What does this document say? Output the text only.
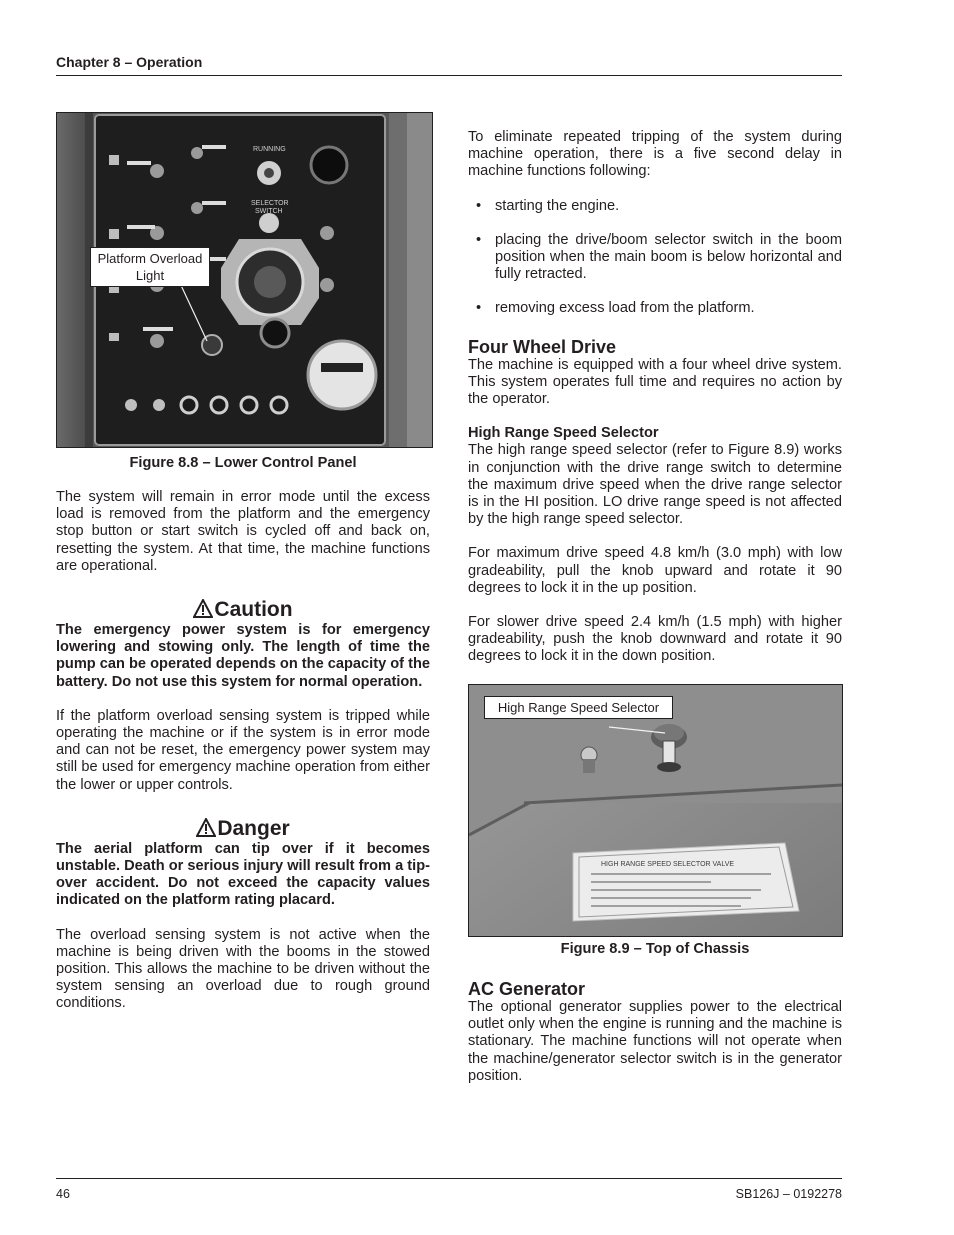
Chapter 8 – Operation
RUNNING
SELECTOR
SWITCH
Platform Overload
Light
Figure 8.8 – Lower Control Panel

The system will remain in error mode until the excess load is removed from the platform and the emergency stop button or start switch is cycled off and back on, resetting the system. At that time, the machine functions are operational.

Caution

The emergency power system is for emergency lowering and stowing only. The length of time the pump can be operated depends on the capacity of the battery. Do not use this system for normal operation.

If the platform overload sensing system is tripped while operating the machine or if the system is in error mode and can not be reset, the emergency power system may still be used for emergency machine operation from either the lower or upper controls.

Danger

The aerial platform can tip over if it becomes unstable. Death or serious injury will result from a tip-over accident. Do not exceed the capacity values indicated on the platform rating placard.

The overload sensing system is not active when the machine is being driven with the booms in the stowed position. This allows the machine to be driven without the system sensing an overload due to rough ground conditions.

To eliminate repeated tripping of the system during machine operation, there is a five second delay in machine functions following:

• starting the engine.
• placing the drive/boom selector switch in the boom position when the main boom is below horizontal and fully retracted.
• removing excess load from the platform.
Four Wheel Drive

The machine is equipped with a four wheel drive system. This system operates full time and requires no action by the operator.

High Range Speed Selector

The high range speed selector (refer to Figure 8.9) works in conjunction with the drive range switch to determine the maximum drive speed when the drive range selector is in the HI position. LO drive range speed is not affected by the high range speed selector.

For maximum drive speed 4.8 km/h (3.0 mph) with low gradeability, pull the knob upward and rotate it 90 degrees to lock it in the up position.

For slower drive speed 2.4 km/h (1.5 mph) with higher gradeability, push the knob downward and rotate it 90 degrees to lock it in the down position.

HIGH RANGE SPEED SELECTOR VALVE
High Range Speed Selector
Figure 8.9 – Top of Chassis
AC Generator

The optional generator supplies power to the electrical outlet only when the engine is running and the machine is stationary. The machine functions will not operate when the machine/generator selector switch is in the generator position.

46	SB126J – 0192278
